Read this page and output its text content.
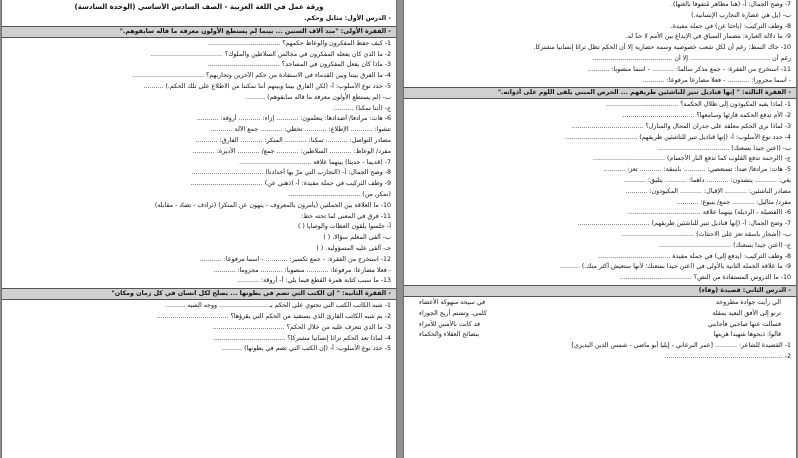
ورقة عمل في اللغة العربية - الصف السادس الأساسي (الوحدة السادسة)
- الدرس الأول: مثايل وحكم.
- الفقرة الأولى: "منذ آلاف السنين ... بينما لم يستطع الأولون معرفة ما قاله سابقوهم."
1- كيف حفظ المفكرون والوعاظ حكمهم؟ ....................................
2- ما الذي كان يفعله المفكرون في مجالس السلاطين والملوك؟ ....................................
3- ماذا كان يفعل المفكرون في المساجد؟ ....................................
4- ما الفرق بيننا وبين القدماء في الاستفادة من حكم الآخرين وتجاربهم؟ ....................................
5- حدد نوع الأسلوب: أ- (لكن الفارق بيننا وبينهم أننا نمكننا من الاطلاع على تلك الحكم.) ..........
ب- (لم يستطع الأولون معرفة ما قاله سابقوهم) ..........
ج- (أننا تمكنا) ..........
6- هات: مرادفا/ أضدادها: يتعلمون: ........... إزاء: ........... أروقة: ...........
تتشوا: ........... الإطلاع: ........... تخطي: ........... جمع الآلة ...........
مصادر التواصل: ........... تمكنا: ........... المنكر: ........... الفارق: ...........
مفرد/ الوعاظ: ........... السلاطين: ........... جمع/ ........... الأديرة: ...........
7- (قديما - حديثا) بينهما علاقة ....................................
8- وضح الجمال: أ- (التجارب التي مرّ بها أجدادنا) ....................................
9- وظف التركيب في جملة مفيدة: أ- (ذهني عن) ....................................
(تمكن من) ....................................
10- ما العلاقة بين الجملتين (يأمرون بالمعروف - ينهون عن المنكر) (ترادف - تضاد - مقابلة)
11- فرق في المعنى لما تحته خط:
أ- جلسوا يلقون العظات والوصايا ( )
ب- ألقى المعلم سؤالا. ( )
جـ- ألقى عليه المسؤولية. ( )
12- استخرج من الفقرة: - جمع تكسير: ........... - اسما مرفوعا: ...........
- فعلا مضارعا: مرفوعا: ........... منصوبا: ........... مجزوما: ...........
13- ما سبب كتابة همزة القطع فيما يلي: أ- أروقة: ...........
- الفقرة الثانية: " إن الكتب التي تضم في بطونها ... يصلح لكل انسان في كل زمان ومكان"
1- شبه الكاتب الكتب التي تحتوي على الحكم بـ ........................ ووجه الشبه ..........
2- بم شبه الكاتب القارئ الذي يستفيد من الحكم التي يقرؤها؟ ....................................
3- ما الذي تتعرف عليه من خلال الحكم؟ ....................................
4- لماذا تعد الحكم تراثا إنسانيا مشتركا؟ ....................................
5- حدد نوع الأسلوب: أ- (إن الكتب التي تضم في بطونها) ..........
7- وضح الجمال: أ- (هنا مظاهر مُتفوقا بالغنها).
ب- (بل هي عصارة التجارب الإنسانية.)
8- وظف التركيب: (باحثا عن) في جملة مفيدة.
9- ما دلالة العبارة: مضمار السباق في الإبداع بين الأمم لا حدّ له.
10- حاك النمط: رغم أن لكل شعب خصوصية وسمة حضارية إلا أن الحكم تظل تراثا إنسانيا مشتركا.
رغم أن ........................................ إلا أن ........................................
11- استخرج من الفقرة: - جمع مذكر سالما: ........... - اسما منصوبا: ...........
- اسما مجرورا: ........... - فعلا مضارعا مرفوعا: ...........
- الفقرة الثالثة: " إنها قناديل تنير للناشئين طريقهم ... الحرص المبني يلقى اللوم على أذواته."
1- لماذا يقبه المكبودون إلى ظلال الحكمة؟ ....................................
2- الأم تدفع الحكمة قارئها وسامعها؟ ....................................
3- لماذا نرى الحكم معلقة على جدران المحال والمنازل؟ ....................................
4- حدد نوع الأسلوب: أ- (إنها قناديل تنير للناشئين طريقهم) ....................................
ب- (اعتن جيدا بسعنك) ....................................
ج- (الرحمة تدفع القلوب كما تدفع النار الأجسام) ....................................
5- هات: مرادفا/ ضدا: تستعصي: ........... باسقة: ........... تعز: ...........
يغي: ........... يتشدون: ........... داهما: ........... يتلبق: ...........
مصادر الناشئين: ........... الإقبال: ........... المكبودون: ...........
مفرد/ مثاليل: ........... جمع/ ينبوع: ...........
6- (الفضيلة - الرذيلة) بينهما علاقة ....................................
7- وضح الجمال: أ- (إنها قناديل تنير للناشئين طريقهم) ....................................
ب- (أشجار باسقة تعز على الاجتثاث) ....................................
ج- (اعتن جيدا بسعنك) ....................................
8- وظف التركيب: (يدفع إلى) في جملة مفيدة ....................................
9- ما علاقة الجملة الثانية بالأولى في (اعتن جيدا بسعنك؛ لأنها ستعيش أكثر منك.) ..........
10- ما الدروس المستفادة من النص؟ ....................................
- الدرس الثاني: قصيدة (وفاء)
الي رأيت جوادة مطروحة
في سيحة منهوكة الأعضاء
ترنو إلى الأفق البعيد بمقلة
كلمى، وتشتم أريج الجوزاء
فسألت عنها صاحبي فأجابني
قد كانت بالأمس للأمراء
قالوا: ذبحوها شهيدا هزيتها
بنصائح العقلاء والحكماء
1- القصيدة للشاعر: ........... [عمر البرعاني - إيليا أبو ماضي - شمس الدين البديري]
2- ...........................................................
